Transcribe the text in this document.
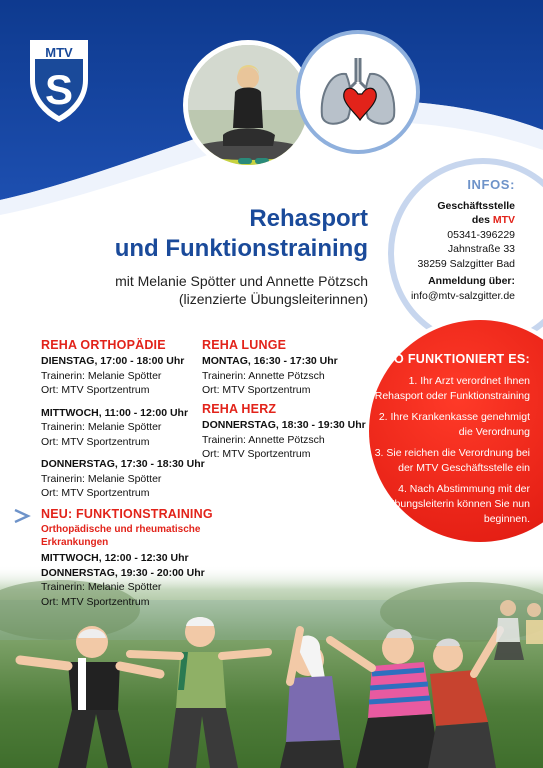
MTV
S

INFOS:

Geschäftsstelle

des MTV

05341-396229

Jahnstraße 33

38259 Salzgitter Bad

Anmeldung über:

info@mtv-salzgitter.de

SO FUNKTIONIERT ES:

1. Ihr Arzt verordnet Ihnen Rehasport oder Funktionstraining

2. Ihre Krankenkasse genehmigt die Verordnung

3. Sie reichen die Verordnung bei der MTV Geschäftsstelle ein

4. Nach Abstimmung mit der Übungsleiterin können Sie nun beginnen.

Rehasport
und Funktionstraining
mit Melanie Spötter und Annette Pötzsch
(lizenzierte Übungsleiterinnen)
REHA ORTHOPÄDIE
DIENSTAG, 17:00 - 18:00 Uhr
Trainerin: Melanie Spötter
Ort: MTV Sportzentrum
MITTWOCH, 11:00 - 12:00 Uhr
Trainerin: Melanie Spötter
Ort: MTV Sportzentrum
DONNERSTAG, 17:30 - 18:30 Uhr
Trainerin: Melanie Spötter
Ort: MTV Sportzentrum
REHA LUNGE
MONTAG, 16:30 - 17:30 Uhr
Trainerin: Annette Pötzsch
Ort: MTV Sportzentrum
REHA HERZ
DONNERSTAG, 18:30 - 19:30 Uhr
Trainerin: Annette Pötzsch
Ort: MTV Sportzentrum
NEU: FUNKTIONSTRAINING
Orthopädische und rheumatische
Erkrankungen
MITTWOCH, 12:00 - 12:30 Uhr
DONNERSTAG, 19:30 - 20:00 Uhr
Trainerin: Melanie Spötter
Ort: MTV Sportzentrum
